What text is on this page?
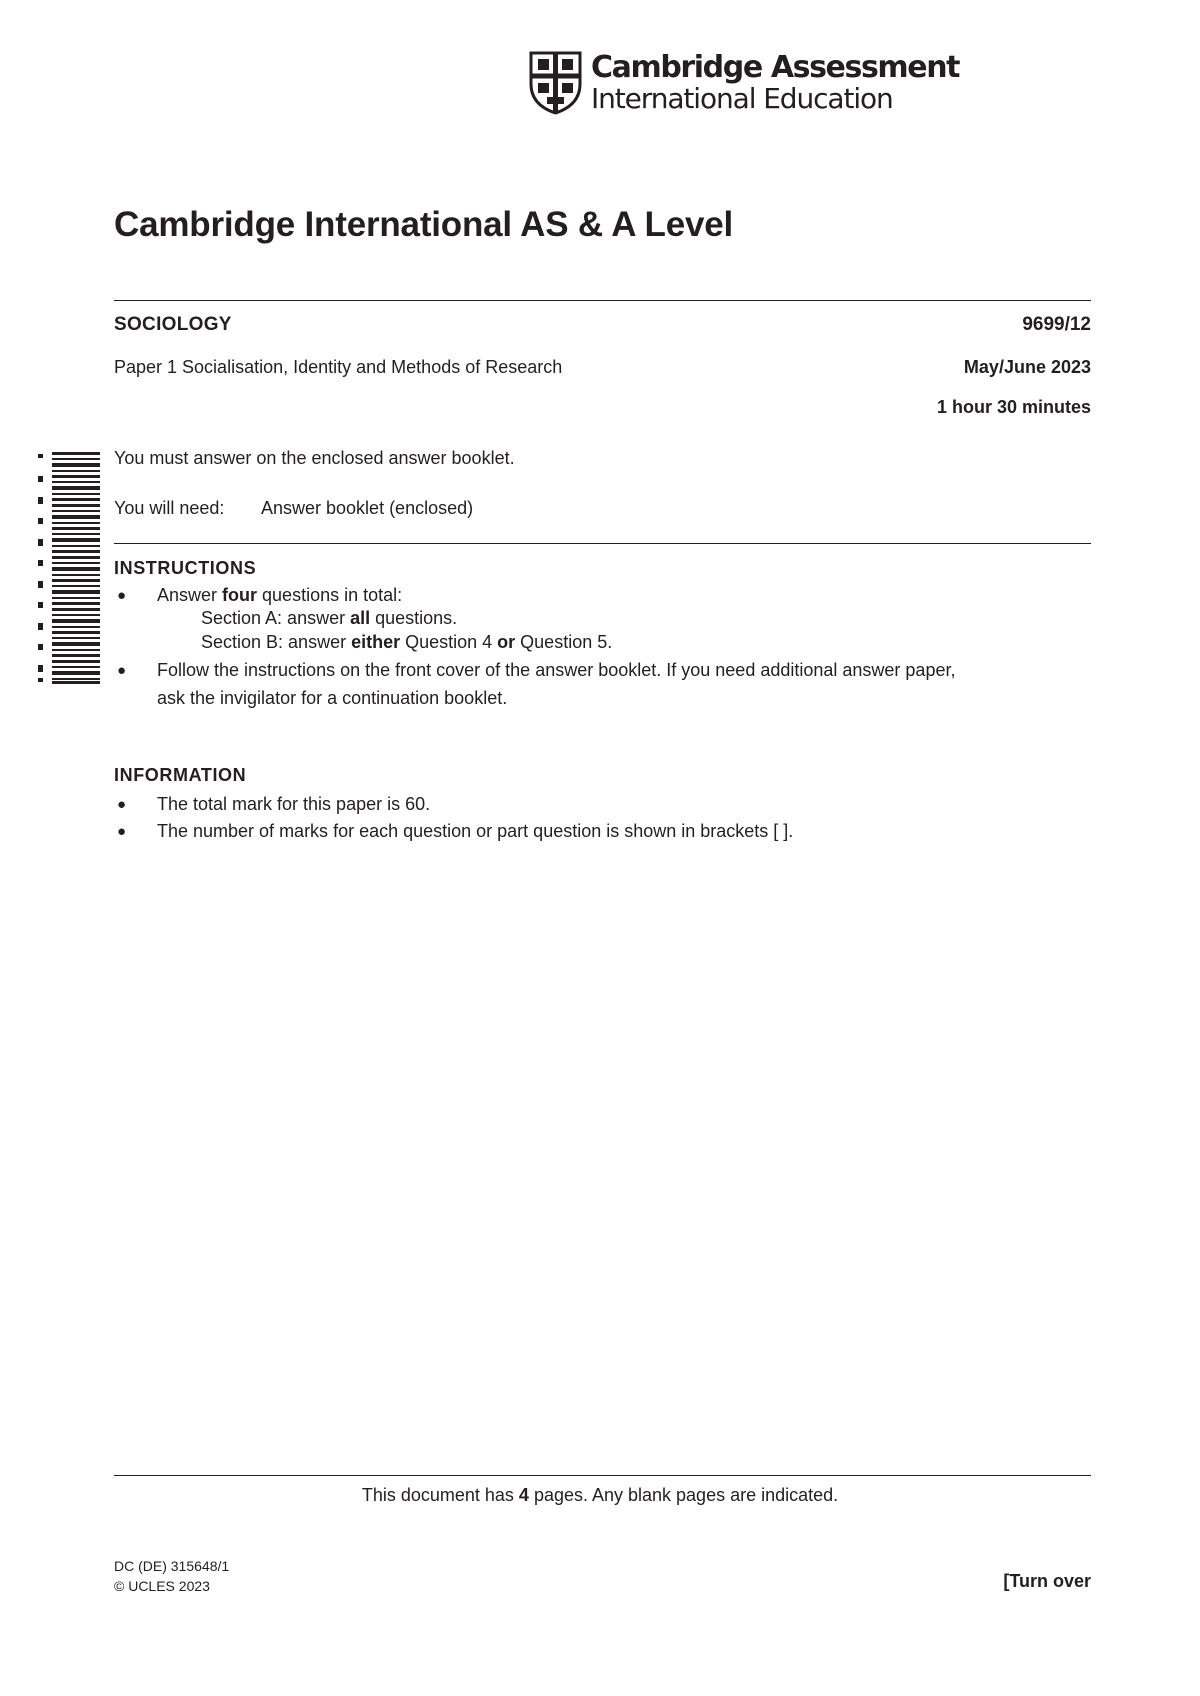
Cambridge Assessment
International Education
Cambridge International AS & A Level
SOCIOLOGY	9699/12
Paper 1 Socialisation, Identity and Methods of Research	May/June 2023
1 hour 30 minutes
You must answer on the enclosed answer booklet.
You will need: Answer booklet (enclosed)
INSTRUCTIONS
● Answer four questions in total:
Section A: answer all questions.
Section B: answer either Question 4 or Question 5.
● Follow the instructions on the front cover of the answer booklet. If you need additional answer paper,
ask the invigilator for a continuation booklet.
INFORMATION
● The total mark for this paper is 60.
● The number of marks for each question or part question is shown in brackets [ ].
This document has 4 pages. Any blank pages are indicated.
DC (DE) 315648/1
© UCLES 2023	[Turn over
